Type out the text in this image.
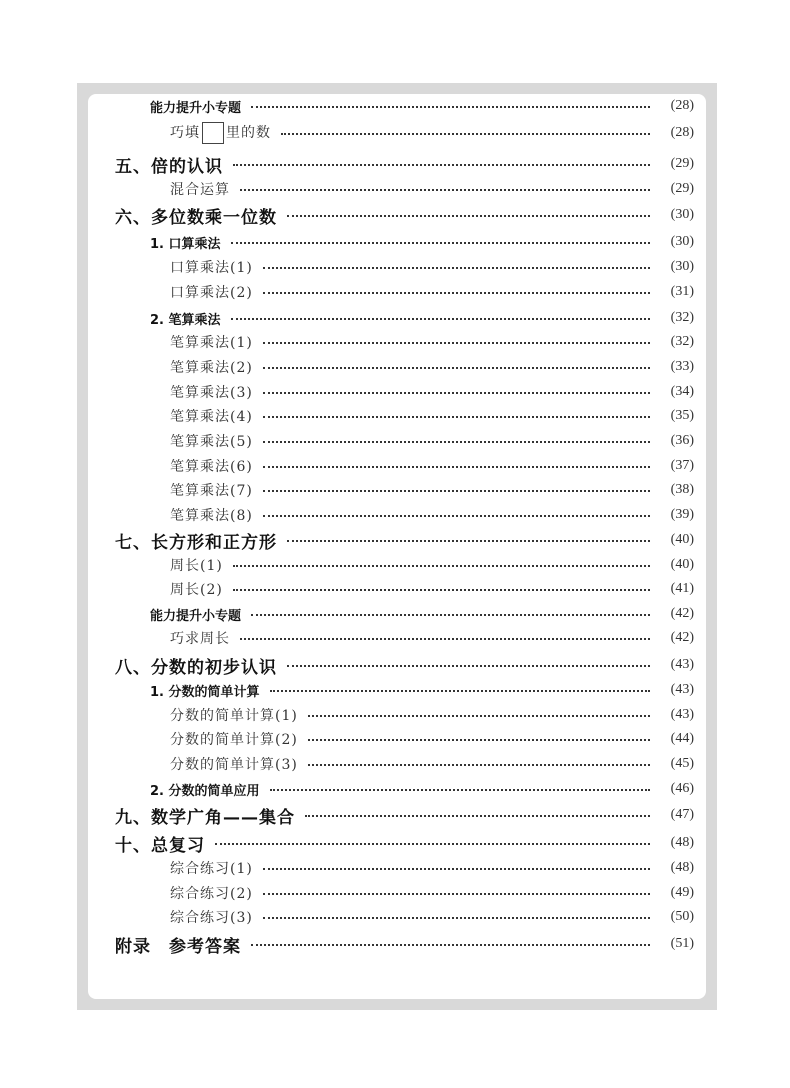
能力提升小专题	(28)
巧填 里的数	(28)
五、倍的认识	(29)
混合运算	(29)
六、多位数乘一位数	(30)
1. 口算乘法	(30)
口算乘法(1)	(30)
口算乘法(2)	(31)
2. 笔算乘法	(32)
笔算乘法(1)	(32)
笔算乘法(2)	(33)
笔算乘法(3)	(34)
笔算乘法(4)	(35)
笔算乘法(5)	(36)
笔算乘法(6)	(37)
笔算乘法(7)	(38)
笔算乘法(8)	(39)
七、长方形和正方形	(40)
周长(1)	(40)
周长(2)	(41)
能力提升小专题	(42)
巧求周长	(42)
八、分数的初步认识	(43)
1. 分数的简单计算	(43)
分数的简单计算(1)	(43)
分数的简单计算(2)	(44)
分数的简单计算(3)	(45)
2. 分数的简单应用	(46)
九、数学广角——集合	(47)
十、总复习	(48)
综合练习(1)	(48)
综合练习(2)	(49)
综合练习(3)	(50)
附录　参考答案	(51)
